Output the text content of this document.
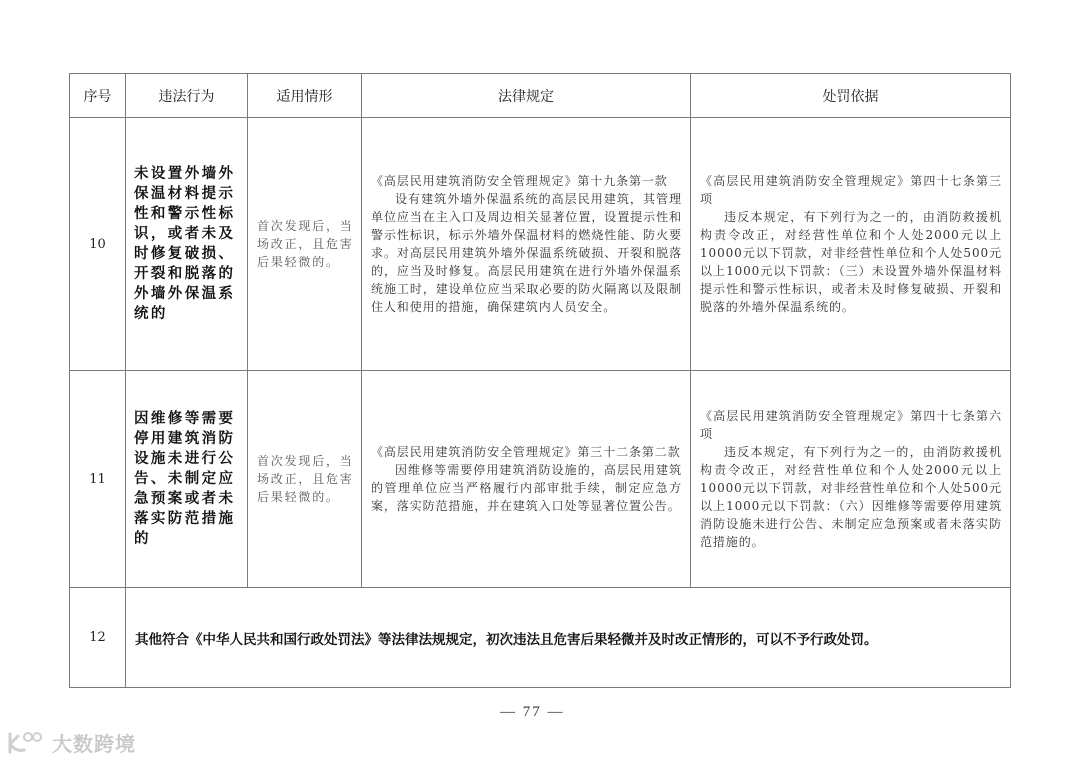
序号	违法行为	适用情形	法律规定	处罚依据
10	未设置外墙外保温材料提示性和警示性标识，或者未及时修复破损、开裂和脱落的外墙外保温系统的	首次发现后，当场改正，且危害后果轻微的。	《高层民用建筑消防安全管理规定》第十九条第一款
设有建筑外墙外保温系统的高层民用建筑，其管理单位应当在主入口及周边相关显著位置，设置提示性和警示性标识，标示外墙外保温材料的燃烧性能、防火要求。对高层民用建筑外墙外保温系统破损、开裂和脱落的，应当及时修复。高层民用建筑在进行外墙外保温系统施工时，建设单位应当采取必要的防火隔离以及限制住人和使用的措施，确保建筑内人员安全。	《高层民用建筑消防安全管理规定》第四十七条第三项
违反本规定，有下列行为之一的，由消防救援机构责令改正，对经营性单位和个人处2000元以上10000元以下罚款，对非经营性单位和个人处500元以上1000元以下罚款：（三）未设置外墙外保温材料提示性和警示性标识，或者未及时修复破损、开裂和脱落的外墙外保温系统的。

11	因维修等需要停用建筑消防设施未进行公告、未制定应急预案或者未落实防范措施的	首次发现后，当场改正，且危害后果轻微的。	《高层民用建筑消防安全管理规定》第三十二条第二款
因维修等需要停用建筑消防设施的，高层民用建筑的管理单位应当严格履行内部审批手续，制定应急方案，落实防范措施，并在建筑入口处等显著位置公告。	《高层民用建筑消防安全管理规定》第四十七条第六项
违反本规定，有下列行为之一的，由消防救援机构责令改正，对经营性单位和个人处2000元以上10000元以下罚款，对非经营性单位和个人处500元以上1000元以下罚款：（六）因维修等需要停用建筑消防设施未进行公告、未制定应急预案或者未落实防范措施的。

12	其他符合《中华人民共和国行政处罚法》等法律法规规定，初次违法且危害后果轻微并及时改正情形的，可以不予行政处罚。			
— 77 —
大数跨境
